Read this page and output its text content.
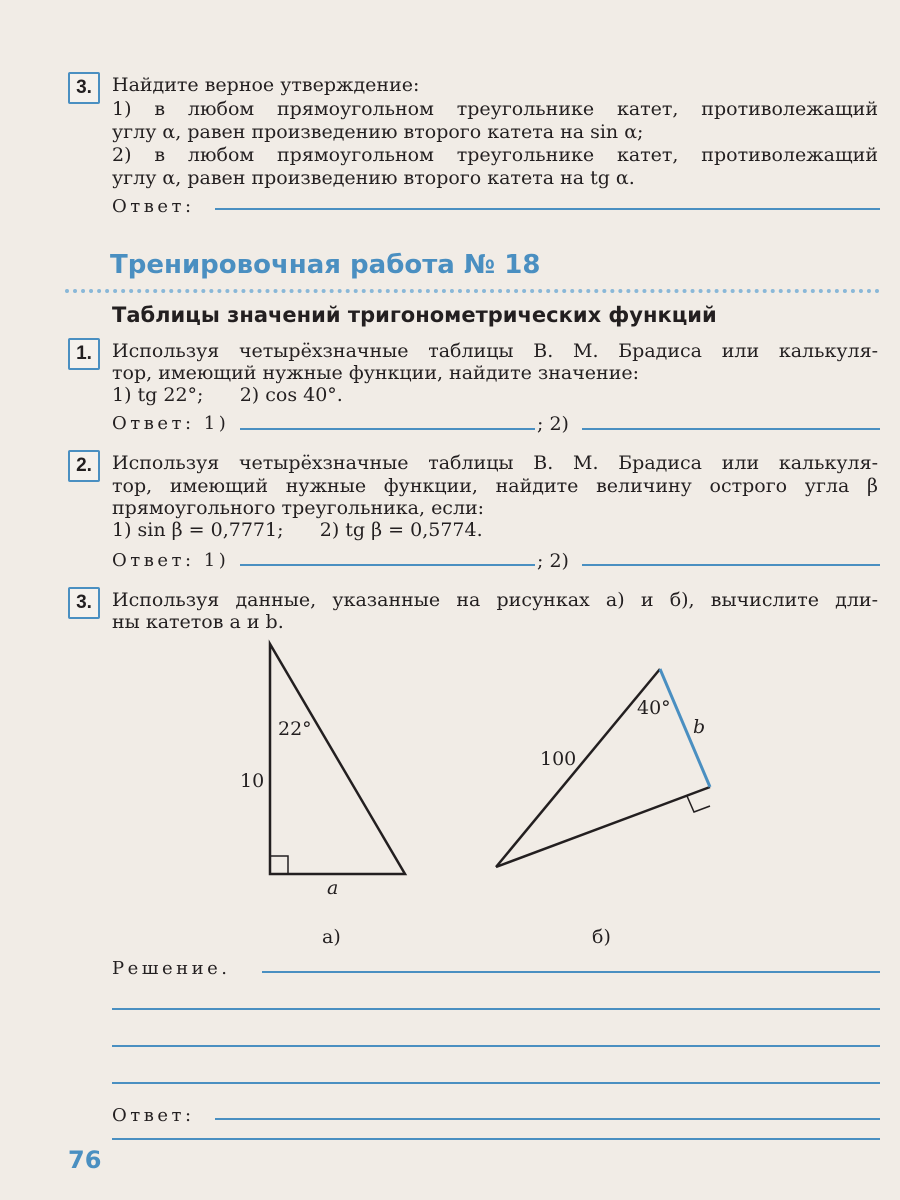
3.	Найдите верное утверждение:
1) в любом прямоугольном треугольнике катет, противолежащий
углу α, равен произведению второго катета на sin α;
2) в любом прямоугольном треугольнике катет, противолежащий
углу α, равен произведению второго катета на tg α.
Ответ:
Тренировочная работа № 18
Таблицы значений тригонометрических функций
1.	Используя четырёхзначные таблицы В. М. Брадиса или калькуля-
тор, имеющий нужные функции, найдите значение:
1) tg 22°;      2) cos 40°.
Ответ: 1)	; 2)
2.	Используя четырёхзначные таблицы В. М. Брадиса или калькуля-
тор, имеющий нужные функции, найдите величину острого угла β
прямоугольного треугольника, если:
1) sin β = 0,7771;      2) tg β = 0,5774.
Ответ: 1)	; 2)
3.	Используя данные, указанные на рисунках а) и б), вычислите дли-
ны катетов a и b.
22°
10
a
а)
40°
b
100
б)
Решение.
Ответ:
76
